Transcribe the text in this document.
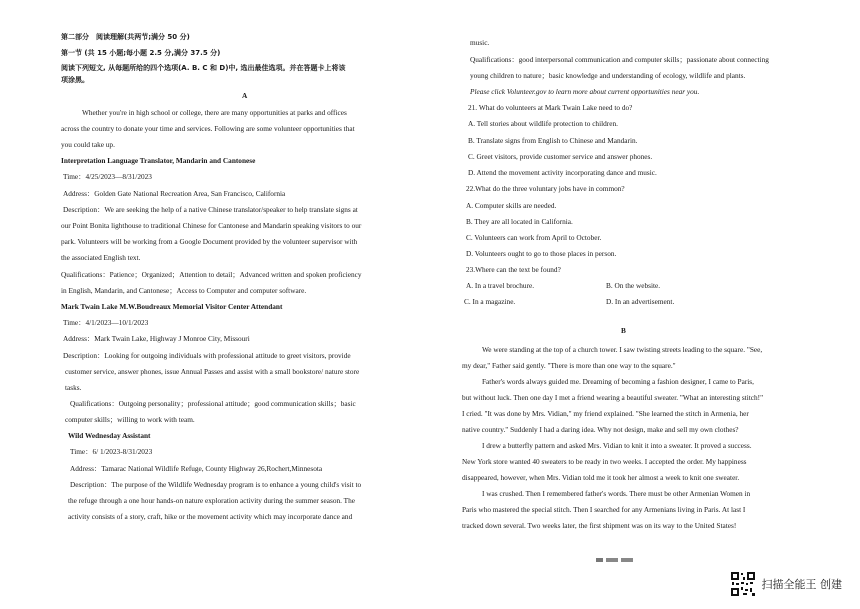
第二部分　阅读理解(共两节;满分 50 分)
第一节 (共 15 小题;每小题 2.5 分,满分 37.5 分)
阅读下列短文, 从每题所给的四个选项(A. B. C 和 D)中, 选出最佳选项。并在答题卡上将该
项涂黑。
A
Whether you're in high school or college, there are many opportunities at parks and offices
across the country to donate your time and services. Following are some volunteer opportunities that
you could take up.
Interpretation Language Translator, Mandarin and Cantonese
Time：4/25/2023—8/31/2023
Address：Golden Gate National Recreation Area, San Francisco, California
Description：We are seeking the help of a native Chinese translator/speaker to help translate signs at
our Point Bonita lighthouse to traditional Chinese for Cantonese and Mandarin speaking visitors to our
park. Volunteers will be working from a Google Document provided by the volunteer supervisor with
the associated English text.
Qualifications：Patience；Organized；Attention to detail；Advanced written and spoken proficiency
in English, Mandarin, and Cantonese；Access to Computer and computer software.
Mark Twain Lake M.W.Boudreaux Memorial Visitor Center Attendant
Time：4/1/2023—10/1/2023
Address：Mark Twain Lake, Highway J Monroe City, Missouri
Description：Looking for outgoing individuals with professional attitude to greet visitors, provide
customer service, answer phones, issue Annual Passes and assist with a small bookstore/ nature store
tasks.
Qualifications：Outgoing personality；professional attitude；good communication skills；basic
computer skills；willing to work with team.
Wild Wednesday Assistant
Time：6/ 1/2023-8/31/2023
Address：Tamarac National Wildlife Refuge, County Highway 26,Rochert,Minnesota
Description：The purpose of the Wildlife Wednesday program is to enhance a young child's visit to
the refuge through a one hour hands-on nature exploration activity during the summer season. The
activity consists of a story, craft, hike or the movement activity which may incorporate dance and
music.
Qualifications：good interpersonal communication and computer skills；passionate about connecting
young children to nature；basic knowledge and understanding of ecology, wildlife and plants.
Please click Volunteer.gov to learn more about current opportunities near you.
21. What do volunteers at Mark Twain Lake need to do?
A. Tell stories about wildlife protection to children.
B. Translate signs from English to Chinese and Mandarin.
C. Greet visitors, provide customer service and answer phones.
D. Attend the movement activity incorporating dance and music.
22.What do the three voluntary jobs have in common?
A. Computer skills are needed.
B. They are all located in California.
C. Volunteers can work from April to October.
D. Volunteers ought to go to those places in person.
23.Where can the text be found?
A. In a travel brochure.	B. On the website.
C. In a magazine.	D. In an advertisement.
B
We were standing at the top of a church tower. I saw twisting streets leading to the square. "See,
my dear," Father said gently. "There is more than one way to the square."
Father's words always guided me. Dreaming of becoming a fashion designer, I came to Paris,
but without luck. Then one day I met a friend wearing a beautiful sweater. "What an interesting stitch!"
I cried. "It was done by Mrs. Vidian," my friend explained. "She learned the stitch in Armenia, her
native country." Suddenly I had a daring idea. Why not design, make and sell my own clothes?
I drew a butterfly pattern and asked Mrs. Vidian to knit it into a sweater. It proved a success.
New York store wanted 40 sweaters to be ready in two weeks. I accepted the order. My happiness
disappeared, however, when Mrs. Vidian told me it took her almost a week to knit one sweater.
I was crushed. Then I remembered father's words. There must be other Armenian Women in
Paris who mastered the special stitch. Then I searched for any Armenians living in Paris. At last I
tracked down several. Two weeks later, the first shipment was on its way to the United States!
扫描全能王 创建
